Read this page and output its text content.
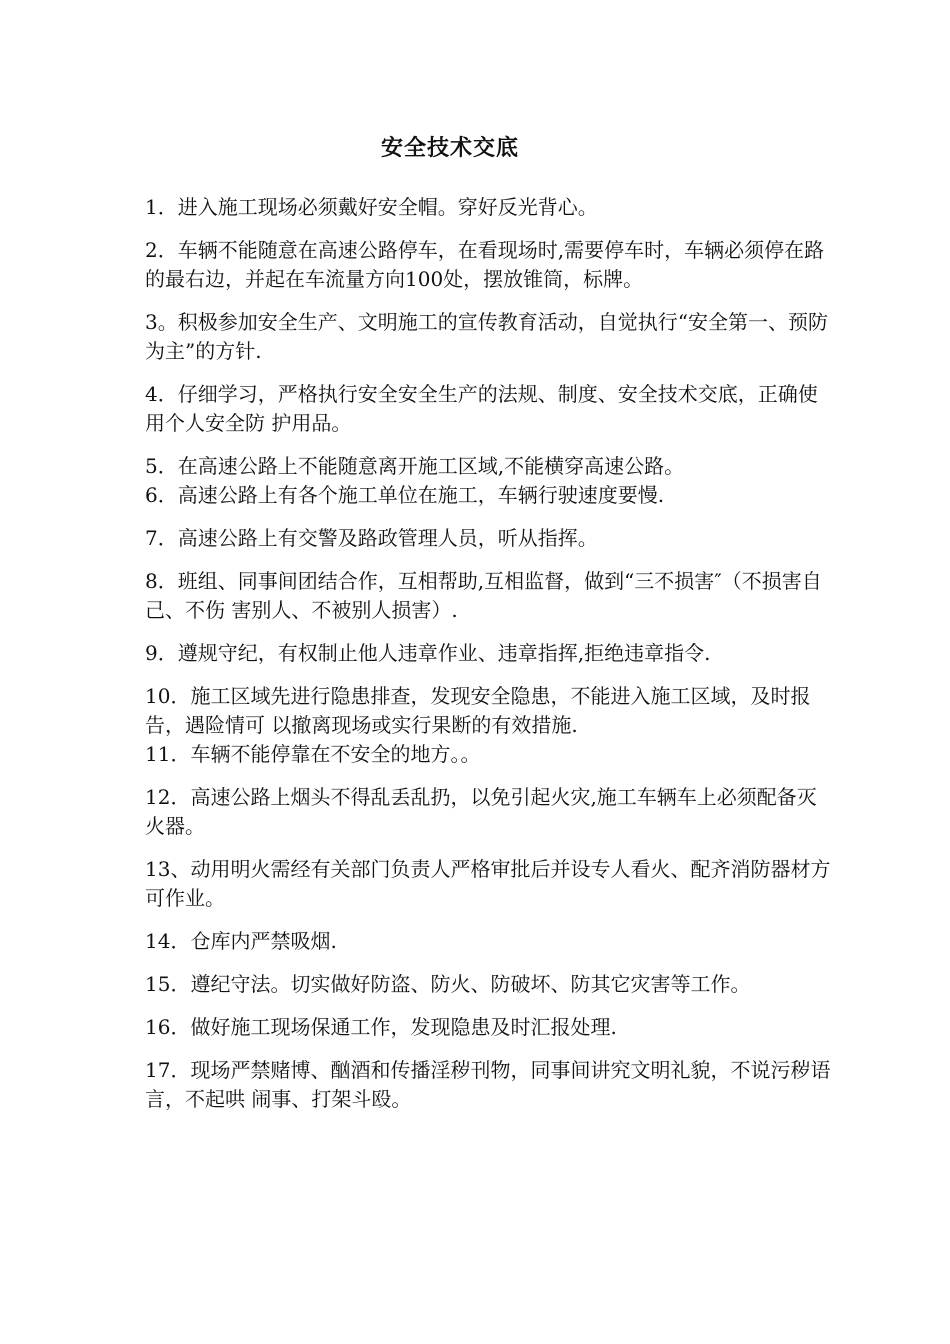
安全技术交底

1．进入施工现场必须戴好安全帽。穿好反光背心。

2．车辆不能随意在高速公路停车，在看现场时,需要停车时，车辆必须停在路的最右边，并起在车流量方向100处，摆放锥筒，标牌。

3。积极参加安全生产、文明施工的宣传教育活动，自觉执行“安全第一、预防为主”的方针.

4．仔细学习，严格执行安全安全生产的法规、制度、安全技术交底，正确使用个人安全防 护用品。

5．在高速公路上不能随意离开施工区域,不能横穿高速公路。

6．高速公路上有各个施工单位在施工，车辆行驶速度要慢.

7．高速公路上有交警及路政管理人员，听从指挥。

8．班组、同事间团结合作，互相帮助,互相监督，做到“三不损害″（不损害自己、不伤 害别人、不被别人损害）.

9．遵规守纪，有权制止他人违章作业、违章指挥,拒绝违章指令.

10．施工区域先进行隐患排查，发现安全隐患，不能进入施工区域，及时报告，遇险情可 以撤离现场或实行果断的有效措施.

11．车辆不能停靠在不安全的地方。。

12．高速公路上烟头不得乱丢乱扔，以免引起火灾,施工车辆车上必须配备灭火器。

13、动用明火需经有关部门负责人严格审批后并设专人看火、配齐消防器材方可作业。

14．仓库内严禁吸烟.

15．遵纪守法。切实做好防盗、防火、防破坏、防其它灾害等工作。

16．做好施工现场保通工作，发现隐患及时汇报处理.

17．现场严禁赌博、酗酒和传播淫秽刊物，同事间讲究文明礼貌，不说污秽语言，不起哄 闹事、打架斗殴。
